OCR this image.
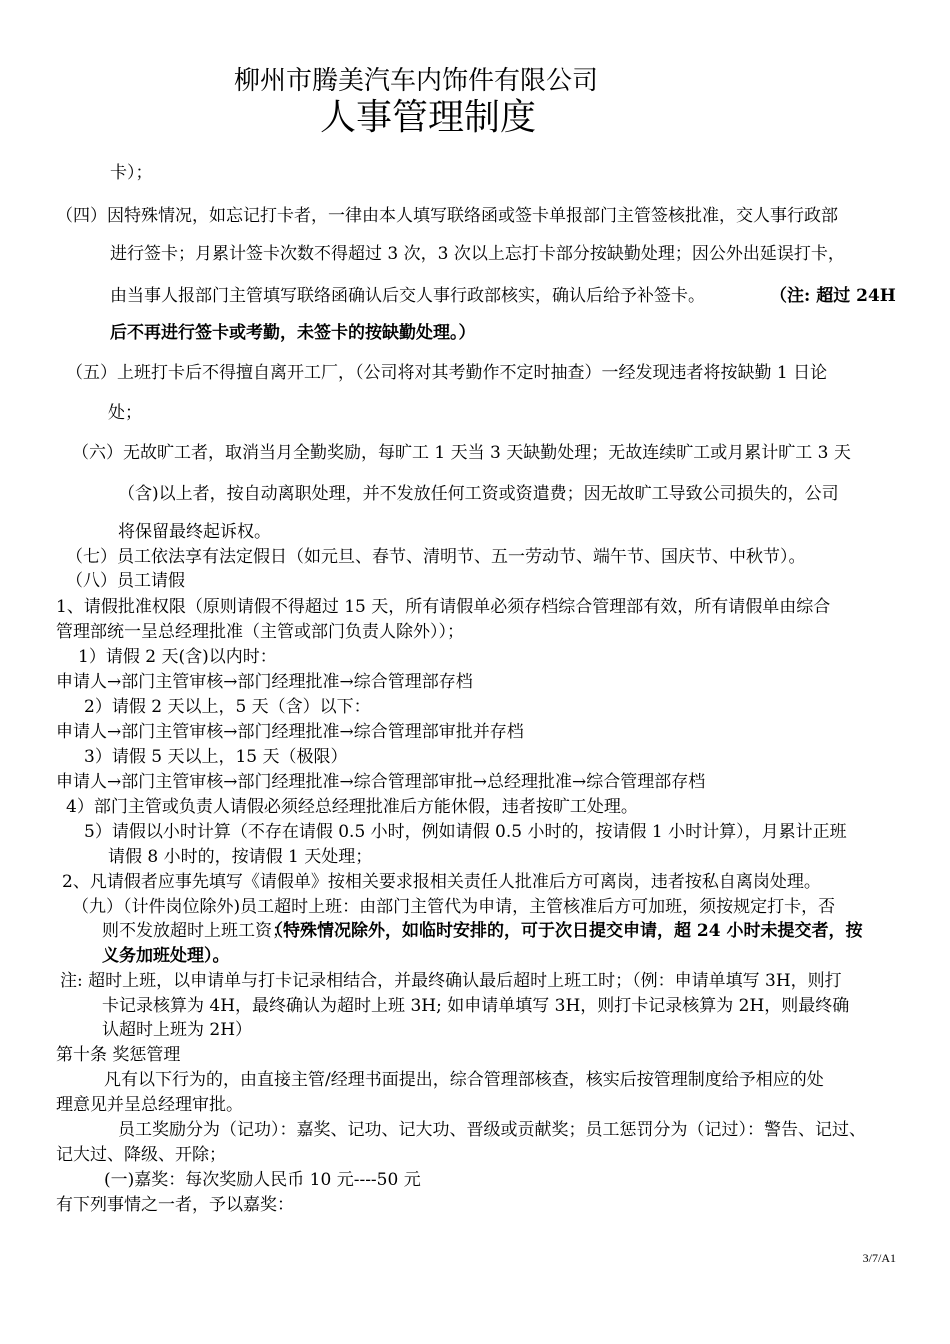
柳州市腾美汽车内饰件有限公司
人事管理制度
卡）；
（四）因特殊情况，如忘记打卡者，一律由本人填写联络函或签卡单报部门主管签核批准，交人事行政部
进行签卡；月累计签卡次数不得超过 3 次，3 次以上忘打卡部分按缺勤处理；因公外出延误打卡，
由当事人报部门主管填写联络函确认后交人事行政部核实，确认后给予补签卡。	（注: 超过 24H
后不再进行签卡或考勤，未签卡的按缺勤处理。）
（五）上班打卡后不得擅自离开工厂，（公司将对其考勤作不定时抽查）一经发现违者将按缺勤 1 日论
处；
（六）无故旷工者，取消当月全勤奖励，每旷工 1 天当 3 天缺勤处理；无故连续旷工或月累计旷工 3 天
（含)以上者，按自动离职处理，并不发放任何工资或资遣费；因无故旷工导致公司损失的，公司
将保留最终起诉权。
（七）员工依法享有法定假日（如元旦、春节、清明节、五一劳动节、端午节、国庆节、中秋节）。
（八）员工请假
1、请假批准权限（原则请假不得超过 15 天，所有请假单必须存档综合管理部有效，所有请假单由综合
管理部统一呈总经理批准（主管或部门负责人除外））；
1）请假 2 天(含)以内时：
申请人→部门主管审核→部门经理批准→综合管理部存档
2）请假 2 天以上，5 天（含）以下：
申请人→部门主管审核→部门经理批准→综合管理部审批并存档
3）请假 5 天以上，15 天（极限）
申请人→部门主管审核→部门经理批准→综合管理部审批→总经理批准→综合管理部存档
4）部门主管或负责人请假必须经总经理批准后方能休假，违者按旷工处理。
5）请假以小时计算（不存在请假 0.5 小时，例如请假 0.5 小时的，按请假 1 小时计算），月累计正班
请假 8 小时的，按请假 1 天处理；
2、凡请假者应事先填写《请假单》按相关要求报相关责任人批准后方可离岗，违者按私自离岗处理。
（九）（计件岗位除外)员工超时上班：由部门主管代为申请，主管核准后方可加班，须按规定打卡，否
则不发放超时上班工资；
（特殊情况除外，如临时安排的，可于次日提交申请，超 24 小时未提交者，按
义务加班处理）。
注: 超时上班，以申请单与打卡记录相结合，并最终确认最后超时上班工时；（例：申请单填写 3H，则打
卡记录核算为 4H，最终确认为超时上班 3H; 如申请单填写 3H，则打卡记录核算为 2H，则最终确
认超时上班为 2H）
第十条 奖惩管理
凡有以下行为的，由直接主管/经理书面提出，综合管理部核查，核实后按管理制度给予相应的处
理意见并呈总经理审批。
员工奖励分为（记功）：嘉奖、记功、记大功、晋级或贡献奖；员工惩罚分为（记过）：警告、记过、
记大过、降级、开除；
(一)嘉奖：每次奖励人民币 10 元----50 元
有下列事情之一者，予以嘉奖：
3/7/A1
